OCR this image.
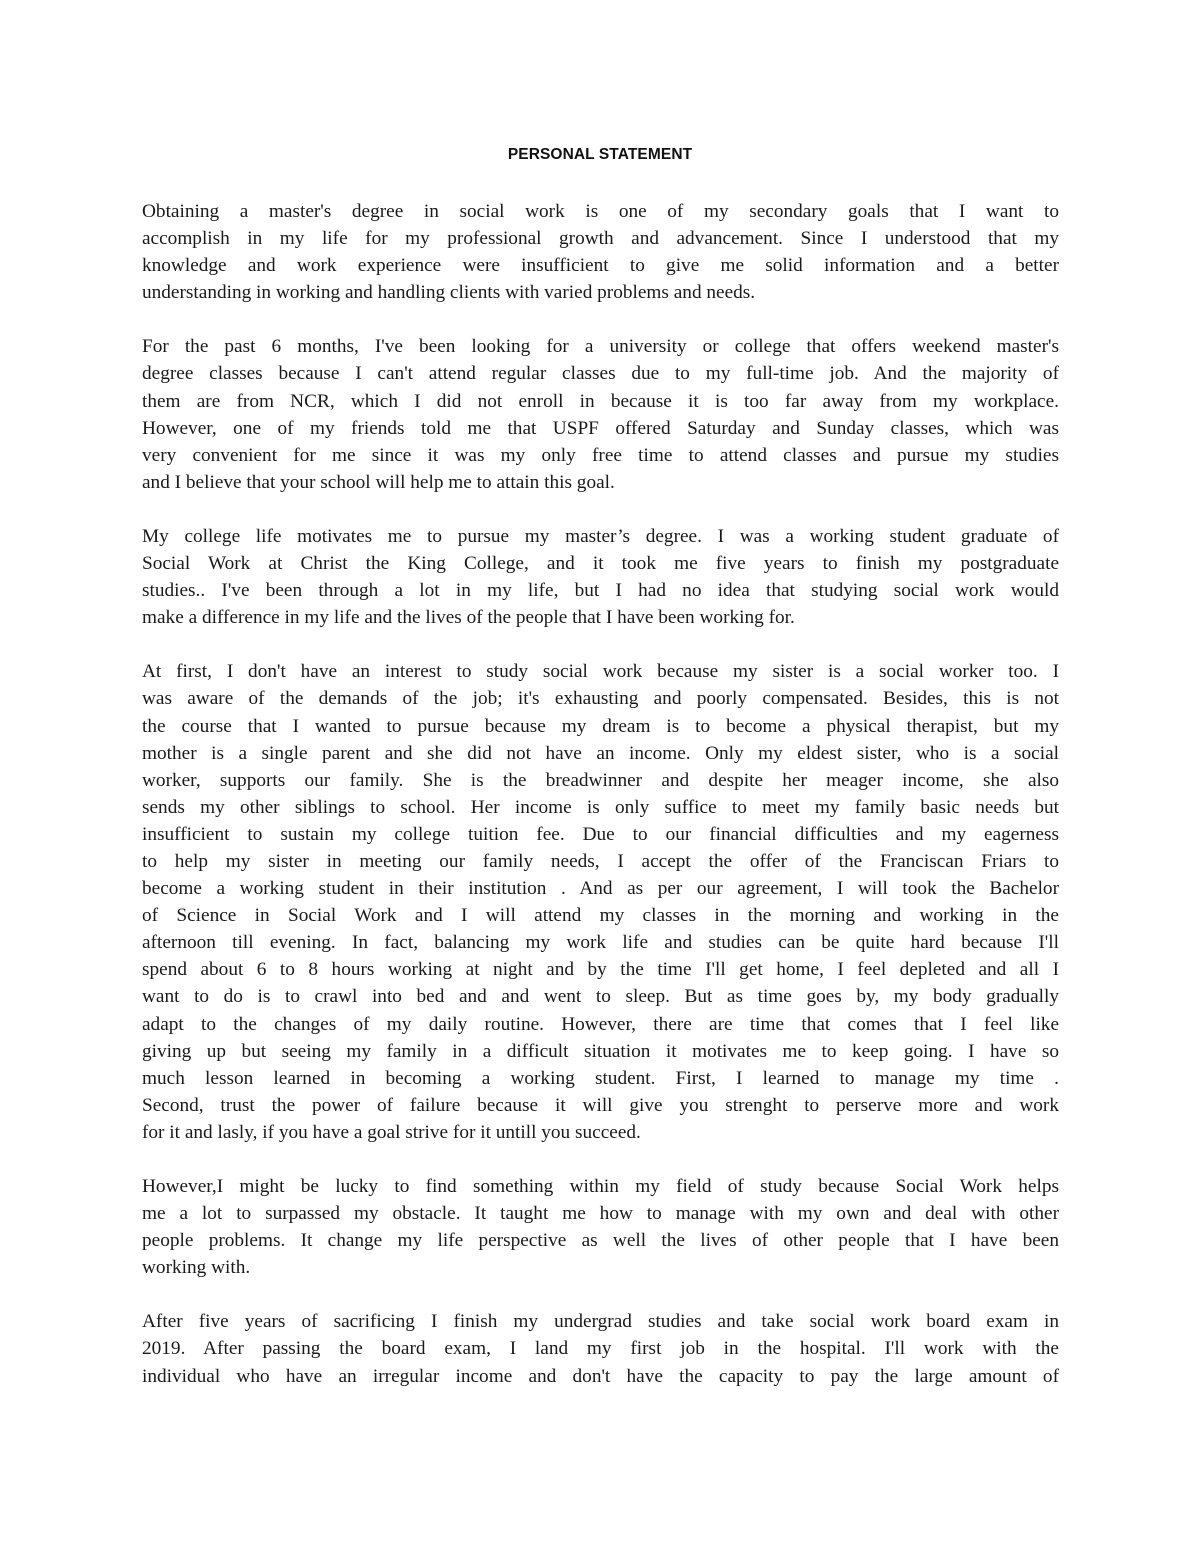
PERSONAL STATEMENT
Obtaining a master's degree in social work is one of my secondary goals that I want to
accomplish in my life for my professional growth and advancement. Since I understood that my
knowledge and work experience were insufficient to give me solid information and a better
understanding in working and handling clients with varied problems and needs.
For the past 6 months, I've been looking for a university or college that offers weekend master's
degree classes because I can't attend regular classes due to my full-time job. And the majority of
them are from NCR, which I did not enroll in because it is too far away from my workplace.
However, one of my friends told me that USPF offered Saturday and Sunday classes, which was
very convenient for me since it was my only free time to attend classes and pursue my studies
and I believe that your school will help me to attain this goal.
My college life motivates me to pursue my master’s degree. I was a working student graduate of
Social Work at Christ the King College, and it took me five years to finish my postgraduate
studies.. I've been through a lot in my life, but I had no idea that studying social work would
make a difference in my life and the lives of the people that I have been working for.
At first, I don't have an interest to study social work because my sister is a social worker too. I
was aware of the demands of the job; it's exhausting and poorly compensated. Besides, this is not
the course that I wanted to pursue because my dream is to become a physical therapist, but my
mother is a single parent and she did not have an income. Only my eldest sister, who is a social
worker, supports our family. She is the breadwinner and despite her meager income, she also
sends my other siblings to school. Her income is only suffice to meet my family basic needs but
insufficient to sustain my college tuition fee. Due to our financial difficulties and my eagerness
to help my sister in meeting our family needs, I accept the offer of the Franciscan Friars to
become a working student in their institution . And as per our agreement, I will took the Bachelor
of Science in Social Work and I will attend my classes in the morning and working in the
afternoon till evening. In fact, balancing my work life and studies can be quite hard because I'll
spend about 6 to 8 hours working at night and by the time I'll get home, I feel depleted and all I
want to do is to crawl into bed and and went to sleep. But as time goes by, my body gradually
adapt to the changes of my daily routine. However, there are time that comes that I feel like
giving up but seeing my family in a difficult situation it motivates me to keep going. I have so
much lesson learned in becoming a working student. First, I learned to manage my time .
Second, trust the power of failure because it will give you strenght to perserve more and work
for it and lasly, if you have a goal strive for it untill you succeed.
However,I might be lucky to find something within my field of study because Social Work helps
me a lot to surpassed my obstacle. It taught me how to manage with my own and deal with other
people problems. It change my life perspective as well the lives of other people that I have been
working with.
After five years of sacrificing I finish my undergrad studies and take social work board exam in
2019. After passing the board exam, I land my first job in the hospital. I'll work with the
individual who have an irregular income and don't have the capacity to pay the large amount of
